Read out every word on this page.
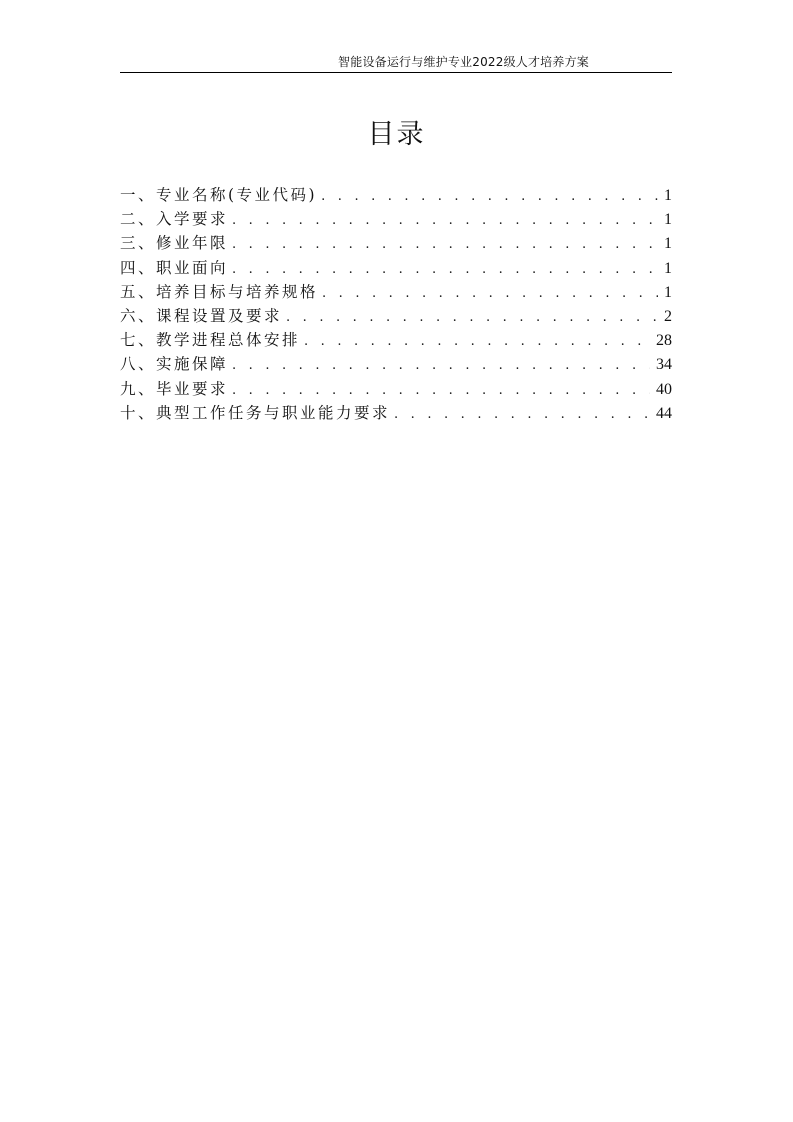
智能设备运行与维护专业2022级人才培养方案
目录
一、专业名称(专业代码) . . .	1
二、入学要求 . . .	1
三、修业年限 . . .	1
四、职业面向 . . .	1
五、培养目标与培养规格 . . .	1
六、课程设置及要求 . . .	2
七、教学进程总体安排 . . .	28
八、实施保障 . . .	34
九、毕业要求 . . .	40
十、典型工作任务与职业能力要求 . . .	44
